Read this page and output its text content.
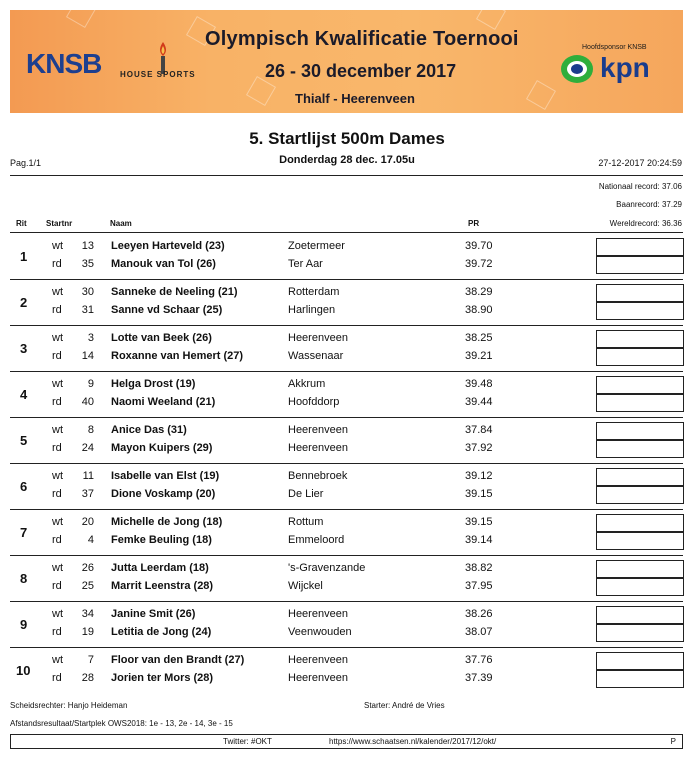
KNSB HOUSE SPORTS
Olympisch Kwalificatie Toernooi
26 - 30 december 2017
Thialf - Heerenveen
Hoofdsponsor KNSB
kpn
5. Startlijst 500m Dames
Pag.1/1	Donderdag 28 dec. 17.05u	27-12-2017 20:24:59
Nationaal record: 37.06
Baanrecord: 37.29
Wereldrecord: 36.36
Rit Startnr	Naam	PR
1
wt	13 Leeyen Harteveld (23)	Zoetermeer	39.70
rd	35 Manouk van Tol (26)	Ter Aar	39.72
2
wt	30 Sanneke de Neeling (21)	Rotterdam	38.29
rd	31 Sanne vd Schaar (25)	Harlingen	38.90
3
wt	3 Lotte van Beek (26)	Heerenveen	38.25
rd	14 Roxanne van Hemert (27)	Wassenaar	39.21
4
wt	9 Helga Drost (19)	Akkrum	39.48
rd	40 Naomi Weeland (21)	Hoofddorp	39.44
5
wt	8 Anice Das (31)	Heerenveen	37.84
rd	24 Mayon Kuipers (29)	Heerenveen	37.92
6
wt	11 Isabelle van Elst (19)	Bennebroek	39.12
rd	37 Dione Voskamp (20)	De Lier	39.15
7
wt	20 Michelle de Jong (18)	Rottum	39.15
rd	4 Femke Beuling (18)	Emmeloord	39.14
8
wt	26 Jutta Leerdam (18)	's-Gravenzande	38.82
rd	25 Marrit Leenstra (28)	Wijckel	37.95
9
wt	34 Janine Smit (26)	Heerenveen	38.26
rd	19 Letitia de Jong (24)	Veenwouden	38.07
10
wt	7 Floor van den Brandt (27)	Heerenveen	37.76
rd	28 Jorien ter Mors (28)	Heerenveen	37.39
Scheidsrechter: Hanjo Heideman	Starter: André de Vries
Afstandsresultaat/Startplek OWS2018: 1e - 13, 2e - 14, 3e - 15
Twitter: #OKT	https://www.schaatsen.nl/kalender/2017/12/okt/	P
